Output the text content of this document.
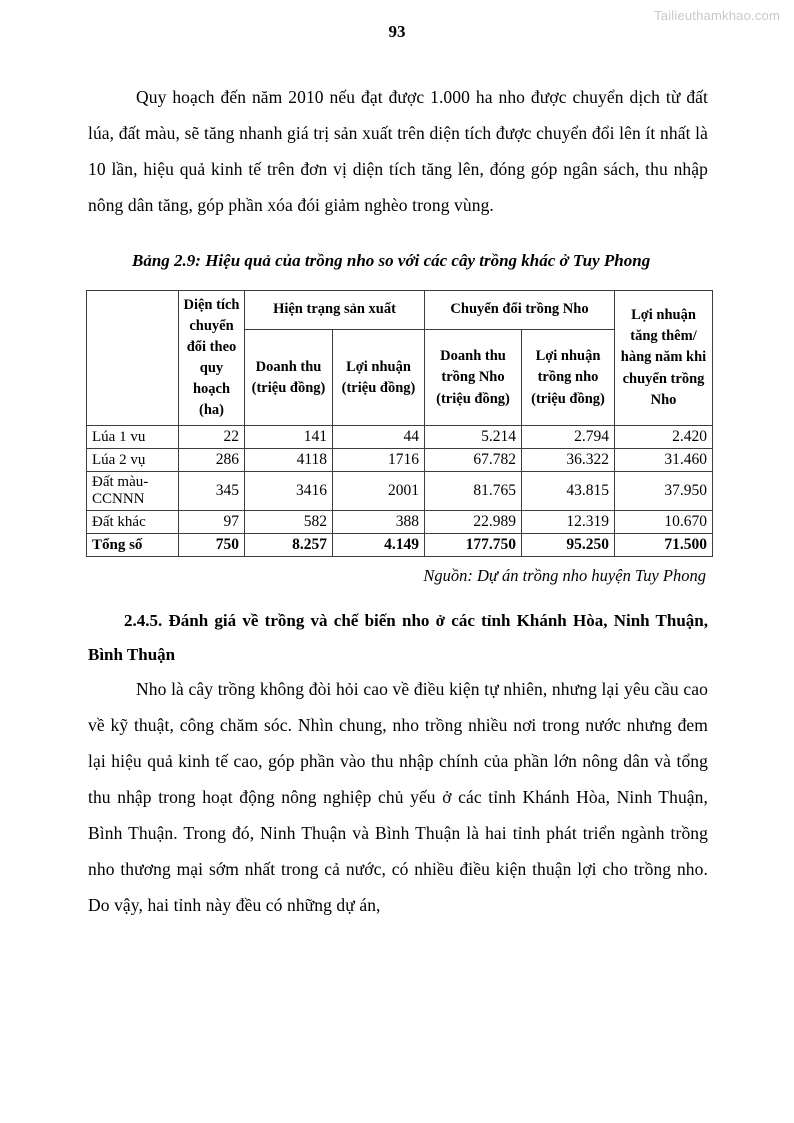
Tailieuthamkhao.com
93

Quy hoạch đến năm 2010 nếu đạt được 1.000 ha nho được chuyển dịch từ đất lúa, đất màu, sẽ tăng nhanh giá trị sản xuất trên diện tích được chuyển đổi lên ít nhất là 10 lần, hiệu quả kinh tế trên đơn vị diện tích tăng lên, đóng góp ngân sách, thu nhập nông dân tăng, góp phần xóa đói giảm nghèo trong vùng.

Bảng 2.9: Hiệu quả của trồng nho so với các cây trồng khác ở Tuy Phong
	Diện tích chuyển đổi theo quy hoạch (ha)	Hiện trạng sản xuất		Chuyển đổi trồng Nho		Lợi nhuận tăng thêm/ hàng năm khi chuyển trồng Nho
		Doanh thu (triệu đồng)	Lợi nhuận (triệu đồng)	Doanh thu trồng Nho (triệu đồng)	Lợi nhuận trồng nho (triệu đồng)	
Lúa 1 vu	22	141	44	5.214	2.794	2.420
Lúa 2 vụ	286	4118	1716	67.782	36.322	31.460
Đất màu-CCNNN	345	3416	2001	81.765	43.815	37.950
Đất khác	97	582	388	22.989	12.319	10.670
Tổng số	750	8.257	4.149	177.750	95.250	71.500
Nguồn: Dự án trồng nho huyện Tuy Phong
2.4.5. Đánh giá về trồng và chế biến nho ở các tỉnh Khánh Hòa, Ninh Thuận, Bình Thuận

Nho là cây trồng không đòi hỏi cao về điều kiện tự nhiên, nhưng lại yêu cầu cao về kỹ thuật, công chăm sóc. Nhìn chung, nho trồng nhiều nơi trong nước nhưng đem lại hiệu quả kinh tế cao, góp phần vào thu nhập chính của phần lớn nông dân và tổng thu nhập trong hoạt động nông nghiệp chủ yếu ở các tỉnh Khánh Hòa, Ninh Thuận, Bình Thuận. Trong đó, Ninh Thuận và Bình Thuận là hai tỉnh phát triển ngành trồng nho thương mại sớm nhất trong cả nước, có nhiều điều kiện thuận lợi cho trồng nho. Do vậy, hai tỉnh này đều có những dự án,
